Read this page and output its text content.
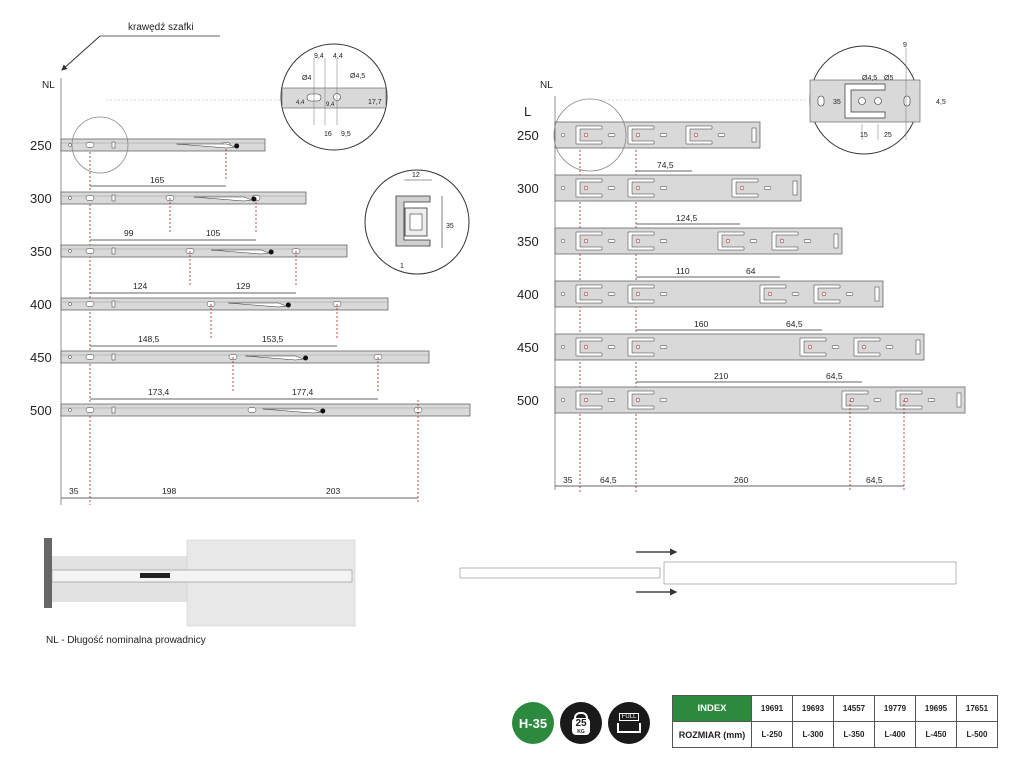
krawędź szafki
NL
250
300
350
400
450
500
165
99	105
124	129
148,5	153,5
173,4	177,4
35	198	203
9,4 4,4
Ø4	Ø4,5
4,4	9,4	17,7
16 9,5
12
35
1
NL
L
250
300
350
400
450
500
74,5
124,5
110	64
160	64,5
210	64,5
35	64,5	260	64,5
9
Ø4,5 Ø5
35	4,5
15 25
NL - Długość nominalna prowadnicy
H-35	25
KG
FULL
INDEX	19691	19693	14557	19779	19695	17651
ROZMIAR (mm)	L-250	L-300	L-350	L-400	L-450	L-500
